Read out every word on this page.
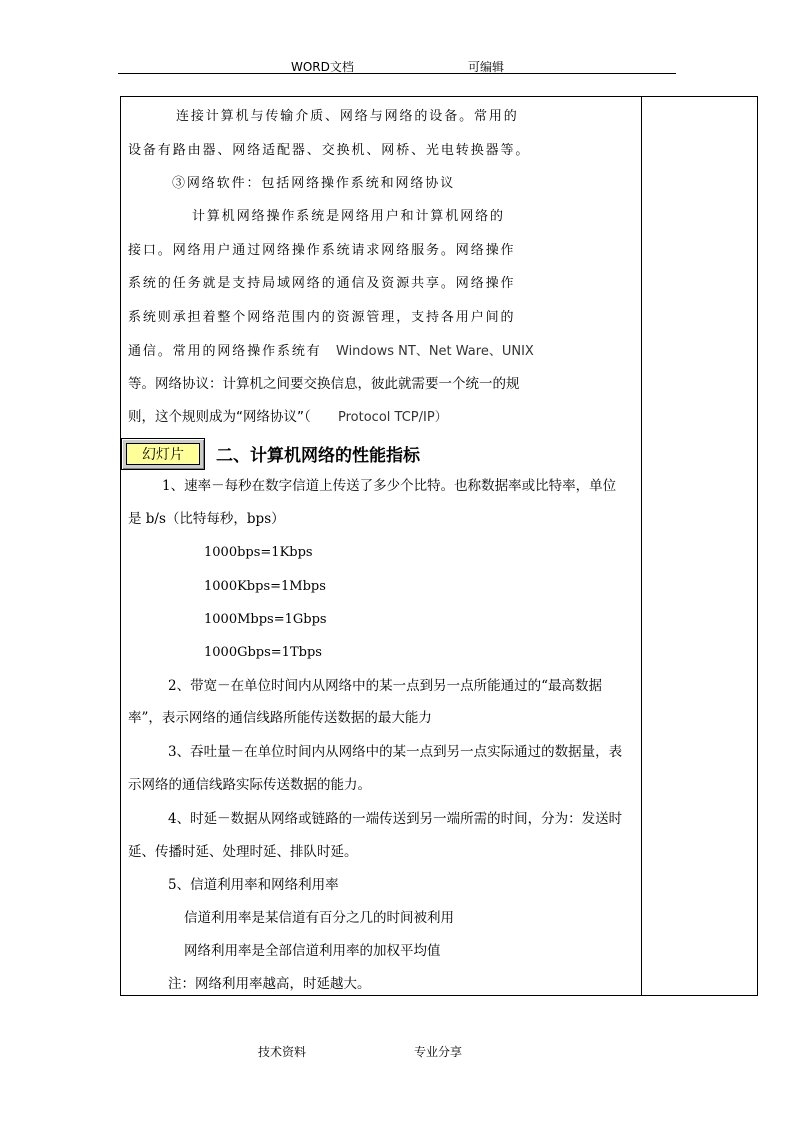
WORD文档	可编辑
连接计算机与传输介质、网络与网络的设备。常用的
设备有路由器、网络适配器、交换机、网桥、光电转换器等。
③网络软件：包括网络操作系统和网络协议
计算机网络操作系统是网络用户和计算机网络的
接口。网络用户通过网络操作系统请求网络服务。网络操作
系统的任务就是支持局域网络的通信及资源共享。网络操作
系统则承担着整个网络范围内的资源管理，支持各用户间的
通信。常用的网络操作系统有 Windows NT、Net Ware、UNIX
等。网络协议：计算机之间要交换信息，彼此就需要一个统一的规
则，这个规则成为“网络协议”（ Protocol TCP/IP）
幻灯片	二、计算机网络的性能指标
1、速率－每秒在数字信道上传送了多少个比特。也称数据率或比特率，单位
是 b/s（比特每秒，bps）
1000bps=1Kbps
1000Kbps=1Mbps
1000Mbps=1Gbps
1000Gbps=1Tbps
2、带宽－在单位时间内从网络中的某一点到另一点所能通过的“最高数据
率”，表示网络的通信线路所能传送数据的最大能力
3、吞吐量－在单位时间内从网络中的某一点到另一点实际通过的数据量，表
示网络的通信线路实际传送数据的能力。
4、时延－数据从网络或链路的一端传送到另一端所需的时间，分为：发送时
延、传播时延、处理时延、排队时延。
5、信道利用率和网络利用率
信道利用率是某信道有百分之几的时间被利用
网络利用率是全部信道利用率的加权平均值
注：网络利用率越高，时延越大。
技术资料	专业分享
